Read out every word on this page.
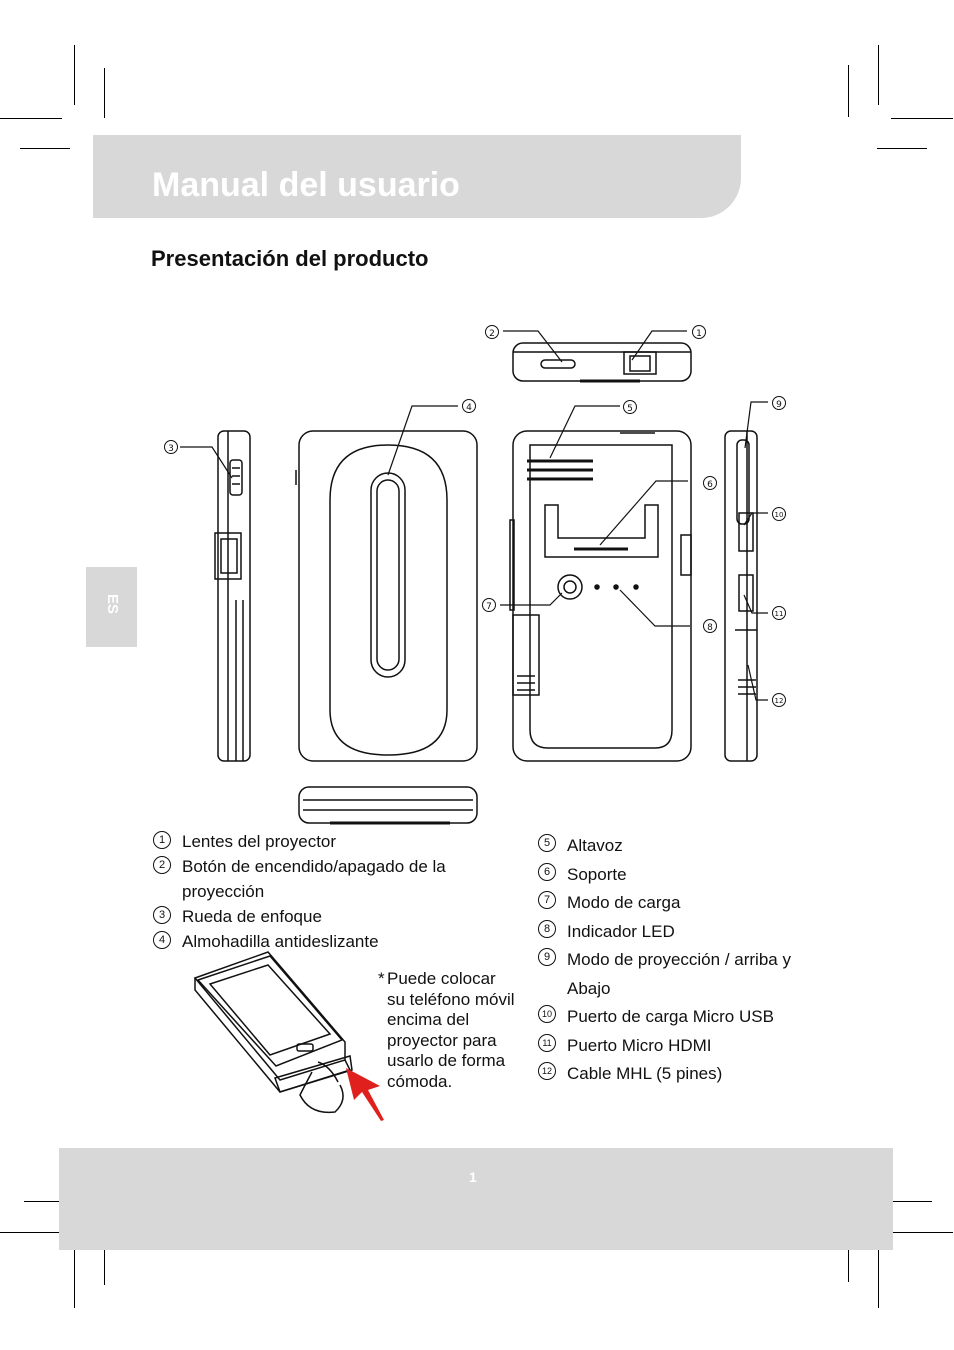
Manual del usuario
Presentación del producto
ES
2	1
3
4	5
6
7
8
9
10
11
12
1 Lentes del proyector
2 Botón de encendido/apagado de la proyección
3 Rueda de enfoque
4 Almohadilla antideslizante
5 Altavoz
6 Soporte
7 Modo de carga
8 Indicador LED
9 Modo de proyección / arriba y Abajo
10 Puerto de carga Micro USB
11 Puerto Micro HDMI
12 Cable MHL (5 pines)
* Puede colocar su teléfono móvil encima del proyector para usarlo de forma cómoda.
1
